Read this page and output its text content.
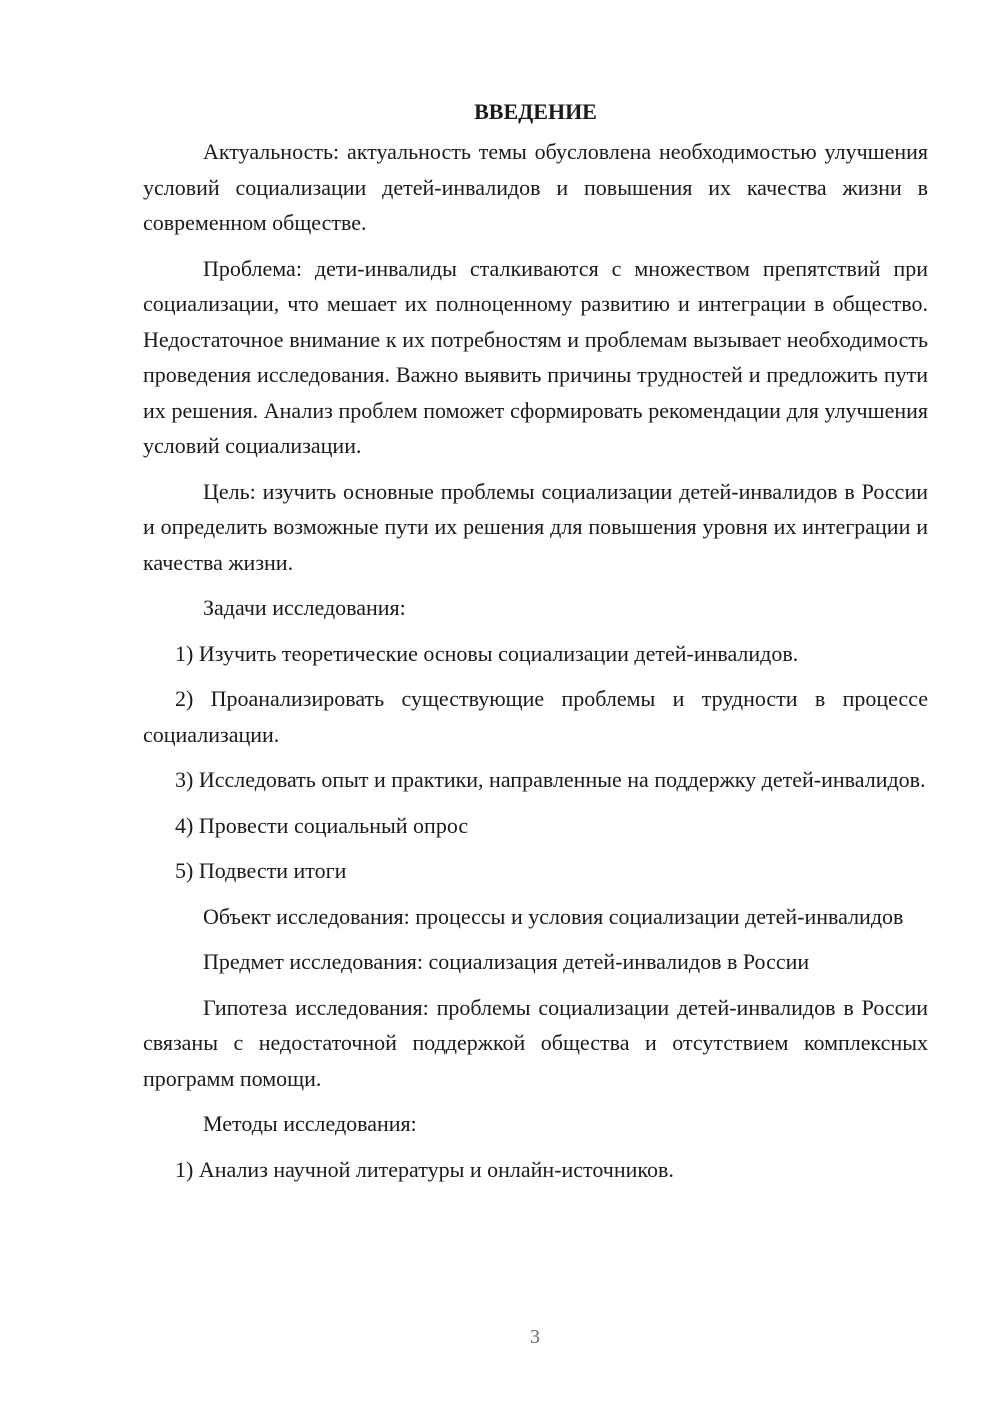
ВВЕДЕНИЕ

Актуальность: актуальность темы обусловлена необходимостью улучшения условий социализации детей-инвалидов и повышения их качества жизни в современном обществе.

Проблема: дети-инвалиды сталкиваются с множеством препятствий при социализации, что мешает их полноценному развитию и интеграции в общество. Недостаточное внимание к их потребностям и проблемам вызывает необходимость проведения исследования. Важно выявить причины трудностей и предложить пути их решения. Анализ проблем поможет сформировать рекомендации для улучшения условий социализации.

Цель: изучить основные проблемы социализации детей-инвалидов в России и определить возможные пути их решения для повышения уровня их интеграции и качества жизни.

Задачи исследования:

1) Изучить теоретические основы социализации детей-инвалидов.

2) Проанализировать существующие проблемы и трудности в процессе социализации.

3) Исследовать опыт и практики, направленные на поддержку детей-инвалидов.

4) Провести социальный опрос

5) Подвести итоги

Объект исследования: процессы и условия социализации детей-инвалидов

Предмет исследования: социализация детей-инвалидов в России

Гипотеза исследования: проблемы социализации детей-инвалидов в России связаны с недостаточной поддержкой общества и отсутствием комплексных программ помощи.

Методы исследования:

1) Анализ научной литературы и онлайн-источников.

3
